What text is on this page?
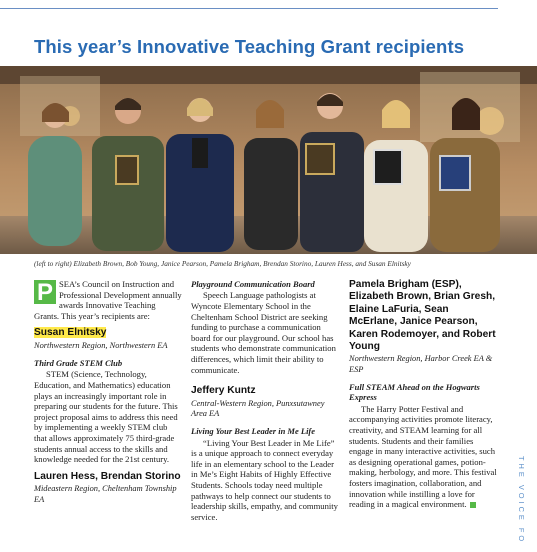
This year’s Innovative Teaching Grant recipients
(left to right) Elizabeth Brown, Bob Young, Janice Pearson, Pamela Brigham, Brendan Storino, Lauren Hess, and Susan Elnitsky

P SEA’s Council on Instruction and Professional Development annually awards Innovative Teaching Grants. This year’s recipients are:

Susan Elnitsky
Northwestern Region, Northwestern EA
Third Grade STEM Club

STEM (Science, Technology, Education, and Mathematics) education plays an increasingly important role in preparing our students for the future. This project proposal aims to address this need by implementing a weekly STEM club that allows approximately 75 third-grade students annual access to the skills and knowledge needed for the 21st century.

Lauren Hess, Brendan Storino
Mideastern Region, Cheltenham Township EA
Playground Communication Board

Speech Language pathologists at Wyncote Elementary School in the Cheltenham School District are seeking funding to purchase a communication board for our playground. Our school has students who demonstrate communication differences, which limit their ability to communicate.

Jeffery Kuntz
Central-Western Region, Punxsutawney Area EA
Living Your Best Leader in Me Life

“Living Your Best Leader in Me Life” is a unique approach to connect everyday life in an elementary school to the Leader in Me’s Eight Habits of Highly Effective Students. Schools today need multiple pathways to help connect our students to leadership skills, empathy, and community service.

Pamela Brigham (ESP), Elizabeth Brown, Brian Gresh, Elaine LaFuria, Sean McErlane, Janice Pearson, Karen Rodemoyer, and Robert Young
Northwestern Region, Harbor Creek EA & ESP
Full STEAM Ahead on the Hogwarts Express

The Harry Potter Festival and accompanying activities promote literacy, creativity, and STEAM learning for all students. Students and their families engage in many interactive activities, such as designing operational games, potion-making, herbology, and more. This festival fosters imagination, collaboration, and innovation while instilling a love for reading in a magical environment.	THE VOICE FO
